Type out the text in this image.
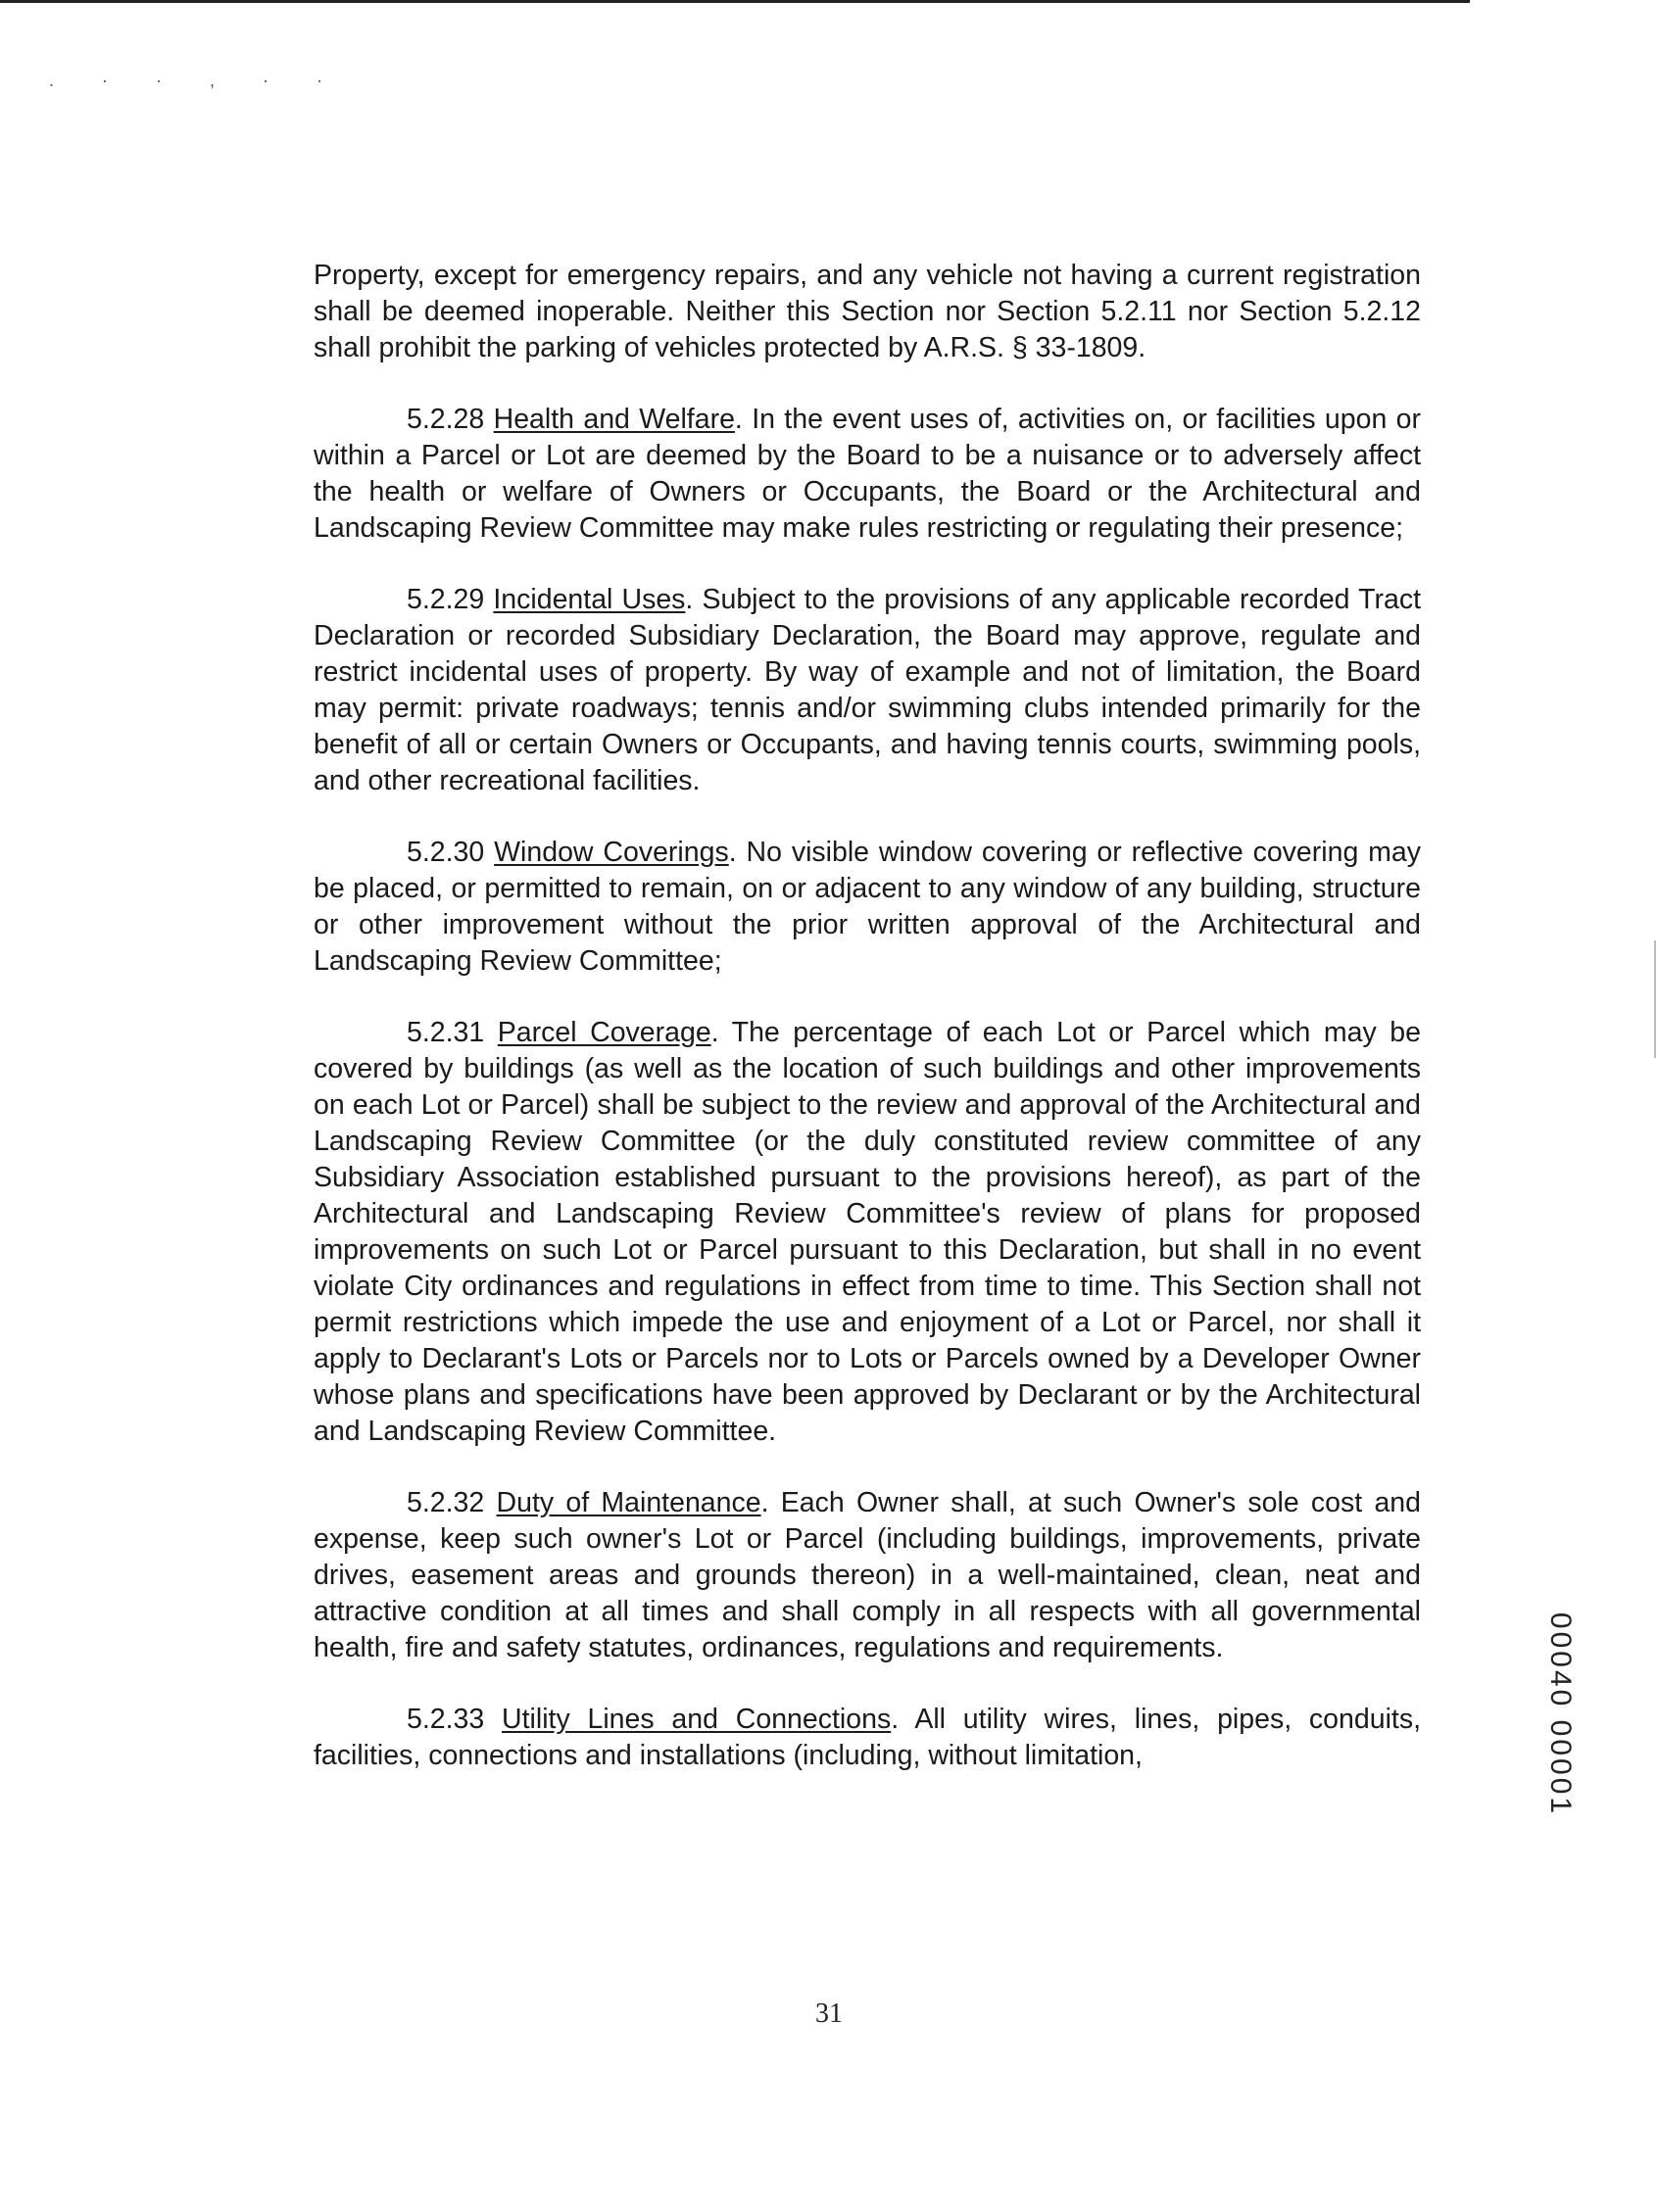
. · · , · ·

Property, except for emergency repairs, and any vehicle not having a current registration shall be deemed inoperable. Neither this Section nor Section 5.2.11 nor Section 5.2.12 shall prohibit the parking of vehicles protected by A.R.S. § 33-1809.

5.2.28 Health and Welfare. In the event uses of, activities on, or facilities upon or within a Parcel or Lot are deemed by the Board to be a nuisance or to adversely affect the health or welfare of Owners or Occupants, the Board or the Architectural and Landscaping Review Committee may make rules restricting or regulating their presence;

5.2.29 Incidental Uses. Subject to the provisions of any applicable recorded Tract Declaration or recorded Subsidiary Declaration, the Board may approve, regulate and restrict incidental uses of property. By way of example and not of limitation, the Board may permit: private roadways; tennis and/or swimming clubs intended primarily for the benefit of all or certain Owners or Occupants, and having tennis courts, swimming pools, and other recreational facilities.

5.2.30 Window Coverings. No visible window covering or reflective covering may be placed, or permitted to remain, on or adjacent to any window of any building, structure or other improvement without the prior written approval of the Architectural and Landscaping Review Committee;

5.2.31 Parcel Coverage. The percentage of each Lot or Parcel which may be covered by buildings (as well as the location of such buildings and other improvements on each Lot or Parcel) shall be subject to the review and approval of the Architectural and Landscaping Review Committee (or the duly constituted review committee of any Subsidiary Association established pursuant to the provisions hereof), as part of the Architectural and Landscaping Review Committee's review of plans for proposed improvements on such Lot or Parcel pursuant to this Declaration, but shall in no event violate City ordinances and regulations in effect from time to time. This Section shall not permit restrictions which impede the use and enjoyment of a Lot or Parcel, nor shall it apply to Declarant's Lots or Parcels nor to Lots or Parcels owned by a Developer Owner whose plans and specifications have been approved by Declarant or by the Architectural and Landscaping Review Committee.

5.2.32 Duty of Maintenance. Each Owner shall, at such Owner's sole cost and expense, keep such owner's Lot or Parcel (including buildings, improvements, private drives, easement areas and grounds thereon) in a well-maintained, clean, neat and attractive condition at all times and shall comply in all respects with all governmental health, fire and safety statutes, ordinances, regulations and requirements.

5.2.33 Utility Lines and Connections. All utility wires, lines, pipes, conduits, facilities, connections and installations (including, without limitation,

31
00040 00001
